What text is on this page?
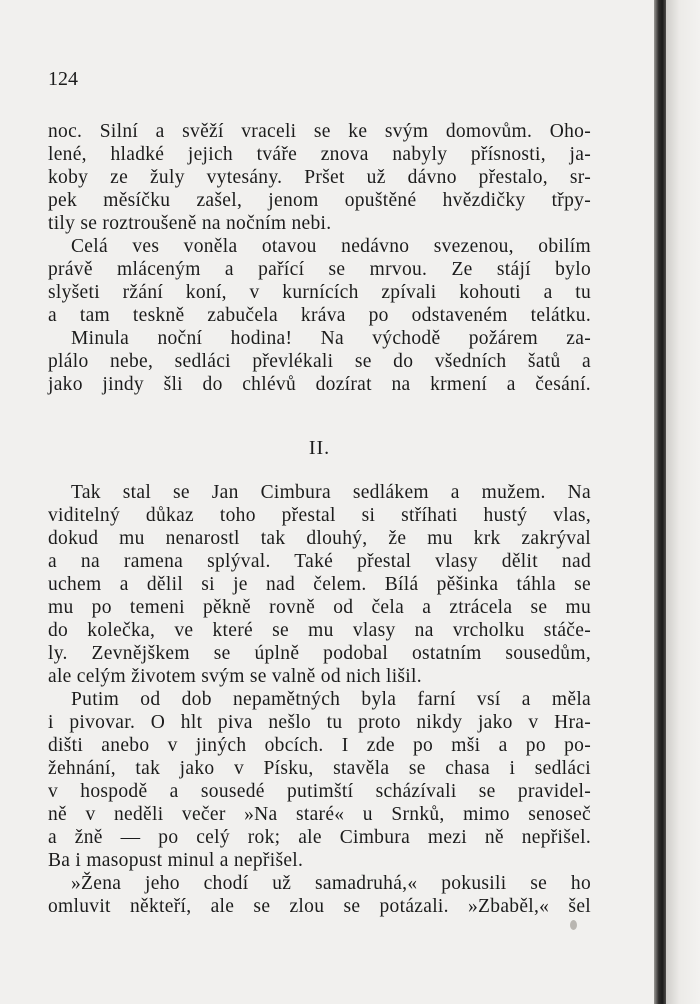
124
noc. Silní a svěží vraceli se ke svým domovům. Oho-
lené, hladké jejich tváře znova nabyly přísnosti, ja-
koby ze žuly vytesány. Pršet už dávno přestalo, sr-
pek měsíčku zašel, jenom opuštěné hvězdičky třpy-
tily se roztroušeně na nočním nebi.
Celá ves voněla otavou nedávno svezenou, obilím
právě mláceným a pařící se mrvou. Ze stájí bylo
slyšeti ržání koní, v kurnících zpívali kohouti a tu
a tam teskně zabučela kráva po odstaveném telátku.
Minula noční hodina! Na východě požárem za-
plálo nebe, sedláci převlékali se do všedních šatů a
jako jindy šli do chlévů dozírat na krmení a česání.
II.
Tak stal se Jan Cimbura sedlákem a mužem. Na
viditelný důkaz toho přestal si stříhati hustý vlas,
dokud mu nenarostl tak dlouhý, že mu krk zakrýval
a na ramena splýval. Také přestal vlasy dělit nad
uchem a dělil si je nad čelem. Bílá pěšinka táhla se
mu po temeni pěkně rovně od čela a ztrácela se mu
do kolečka, ve které se mu vlasy na vrcholku stáče-
ly. Zevnějškem se úplně podobal ostatním sousedům,
ale celým životem svým se valně od nich lišil.
Putim od dob nepamětných byla farní vsí a měla
i pivovar. O hlt piva nešlo tu proto nikdy jako v Hra-
dišti anebo v jiných obcích. I zde po mši a po po-
žehnání, tak jako v Písku, stavěla se chasa i sedláci
v hospodě a sousedé putimští scházívali se pravidel-
ně v neděli večer »Na staré« u Srnků, mimo senoseč
a žně — po celý rok; ale Cimbura mezi ně nepřišel.
Ba i masopust minul a nepřišel.
»Žena jeho chodí už samadruhá,« pokusili se ho
omluvit někteří, ale se zlou se potázali. »Zbaběl,« šel
